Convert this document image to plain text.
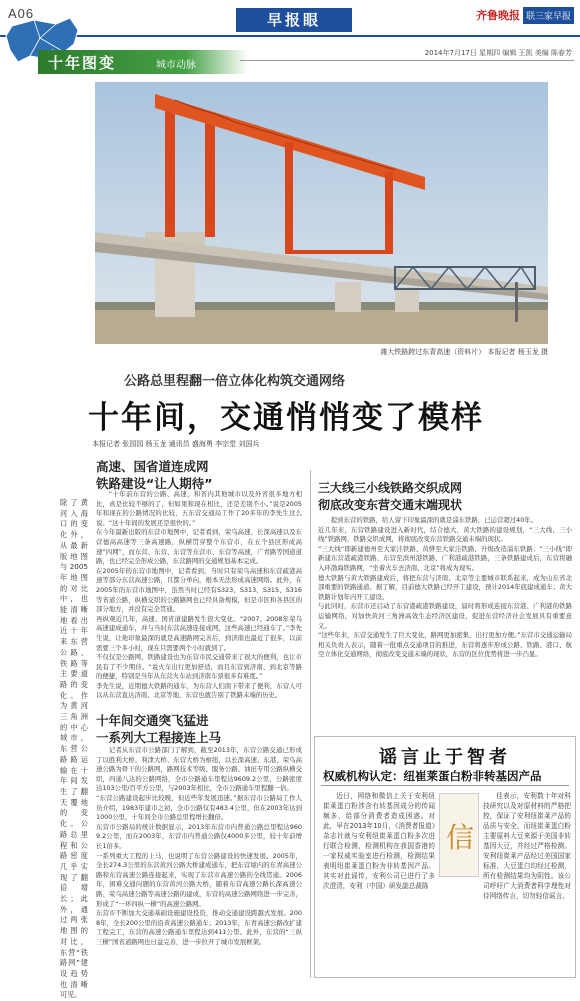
A06	早报眼	齐鲁晚报 联三家早报
十年图变	城市动脉
2014年7月17日 星期四 编辑 王凯 美编 陈春芳
潍大铁路跨过东青高速（资料片） 本报记者 杨玉龙 摄
公路总里程翻一倍立体化构筑交通网络
十年间，交通悄悄变了模样
本报记者 张园园 杨玉龙 通讯员 盛海勇 李宗堂 刘国兵
除了黄河入海口的变化外，从最新版地图与2005年地图的对比中，也能清晰地看出近十年来东营公路、铁路等主要道路的变化。作为黄河三角洲的中心城市，东营公路路运输在十年间发生了翻天覆地的变化。公路总里程和公路密度几乎实现了翻倍增长；此外，通过两张地图的对比，东营“铁路网”建设趋势也清晰可见。
高速、国省道连成网
铁路建设“让人期待”
“十年前东营的公路、高速，和省内其他城市以及外省很多地方相比，真是比较不够的了，但如果和现在相比，还是差别不小。”说是2005年和现在的公路情况的比较，五东营交通局工作了20多年的李先生这么说。“这十年间的发展还是很快的。”
在今年最新出版的东营市地图中，记者看到，荣乌高速、长深高速以及东营德高高速等三条高速路，纵横贯穿整个东营市，在五个县区形成高速“四网”，而东营、东营、东营等东营市、东营等高速，广青路等国道道路，也已经完全形成公路，东营路网的交通规划基本完成。
在2005年的东营市地图中，记者看到，当时只有荣乌高速和东营疏港高速等部分东营高速公路，且都分单向，根本无法形成高速网络。此外，在2005年的东营市地图中，虽然当时已经有S323、S313、S315、S316等省道公路，纵横交织的公路路网也已经具备规模，但是市区和各县区的部分地方，并没有完全贯通。
再纵观近几年，高速、国省道建路发生很大变化。“2007、2008年荣乌高速建成通车，并与当时东营高速连接成网，这些高速已经通车了。”李先生说，让他印象最深的就是高速路网完善后，到济南也最近了很多，以前需要三个多小时，现在只需要两个小时就到了。
不仅仅是公路网，铁路建设也为东营市民交通带来了很大的便利，也让市民有了不少期待。“说火车出行更加舒适，而且东营到济南、到北京等路的便捷，特别是当年从东营火车站到济南车票很多有难度。”
李先生说，近期德大铁路的通车，为东营人们南下带来了便利，东营人可以从东营直达济南、北京等地，东营也就告别了铁路末端的历史。
十年间交通突飞猛进
一系列大工程接连上马
记者从东营市公路部门了解到，截至2013年，东营公路交通已形成了以胜利大桥、利津大桥、东营大桥为枢纽，以长深高速、东港、荣乌高速公路为骨干的公路网，路网技术等级、服务公路、油田专用公路纵横交织，四通八达的公路网络，全市公路通车里程达9609.2公里，公路密度达103公里/百平方公里，与2003年相比，全市公路通车里程翻一倍。
“东营公路建设起步比较晚，但近些年发展迅速。”据东营市公路局工作人员介绍，1983年建市之初，全市公路仅有483.4公里，但在2003年达到1000公里，十年间全市公路总里程增长翻倍。
东营市公路局的统计数据显示，2013年东营市内普通公路总里程达9609.2公里，而在2003年，东营市内普通公路仅4000多公里，较十年前增长1倍多。
一系列重大工程的上马，也说明了东营公路建设的快速发展。2005年，全长274.3公里的东营黄河公路大桥建成通车，把东营境内的东青高速公路和东营高速公路连接起来，实现了东营市高速公路的全线贯通。2006年，困难交通问题的东营黄河公路大桥，随着东营高速公路长深高速公路、荣乌高速公路等高速公路的建成，东营的高速公路网络进一步完善，形成了“一环四纵一横”的高速公路网。
东营市不断加大交通基础设施建设投资，推动交通建设跨越式发展。2008年，全长200公里的沿黄高速公路通车；2013年，东青高速公路改扩建工程完工，东营的高速公路通车里程达到411公里。此外，东营的“三纵三横”国省道路网也日益完善，进一步拉开了城市发展框架。
三大线三小线铁路交织成网
彻底改变东营交通末端现状
提到东营的铁路，给人留下印象最深的就是淄东铁路，已运营超过40年。
近几年来，东营铁路建设进入新时代，结合德大、黄大铁路的建设规划，“三大线、三小线”铁路网，铁路交织成网，将彻底改变东营铁路交通末端的现状。
“三大线”即新建德州至大家洼铁路、黄骅至大家洼铁路、升级改造淄东铁路；“三小线”即新建东营港疏港铁路、东营至滨州港铁路、广利港疏港铁路，三条铁路建成后，东营将融入环渤海铁路网，“坐着火车去济南、北京”将成为现实。
德大铁路与黄大铁路建成后，将把东营与济南、北京等主要城市联系起来，成为山东省北部重要的铁路通道。据了解，目前德大铁路已经开工建设，预计2014年底建成通车；黄大铁路计划年内开工建设。
与此同时，东营市还启动了东营港疏港铁路建设，届时将形成连接东营港、广利港的铁路运输网络，对加快黄河三角洲高效生态经济区建设，促进东营经济社会发展具有重要意义。
“这些年来，东营交通发生了巨大变化，路网更加密集，出行更加方便。”东营市交通运输局相关负责人表示，随着一批重点交通项目的推进，东营将逐步形成公路、铁路、港口、航空立体化交通网络，彻底改变交通末端的现状，东营的区位优势将进一步凸显。
谣言止于智者
权威机构认定：纽崔莱蛋白粉非转基因产品
近日，网络和微信上关于安利纽崔莱蛋白粉涉含有转基因成分的传闻频多，给部分消费者造成困惑。对此，早在2013年10月，《消费者报道》杂志社就与安利纽崔莱蛋白粉多次进行联合检测，检测机构在我国香港的一家权威实验室进行检测，检测结果表明纽崔莱蛋白粉为非转基因产品。其实对此谣传，安利公司已进行了多次澄清，安利（中国）研发副总裁陈
信
佳表示，安利数十年对科技研究以及对原材料的严格把控，保证了安利纽崔莱产品的品质与安全，而纽崔莱蛋白粉主要原料大豆来源于美国非转基因大豆，并经过严格检测。安利纽崔莱产品经过美国国家标准，大豆蛋白均经过检测，所有检测结果均为阴性。该公司呼吁广大消费者科学理性对待网络传言，切勿轻信谣言。
